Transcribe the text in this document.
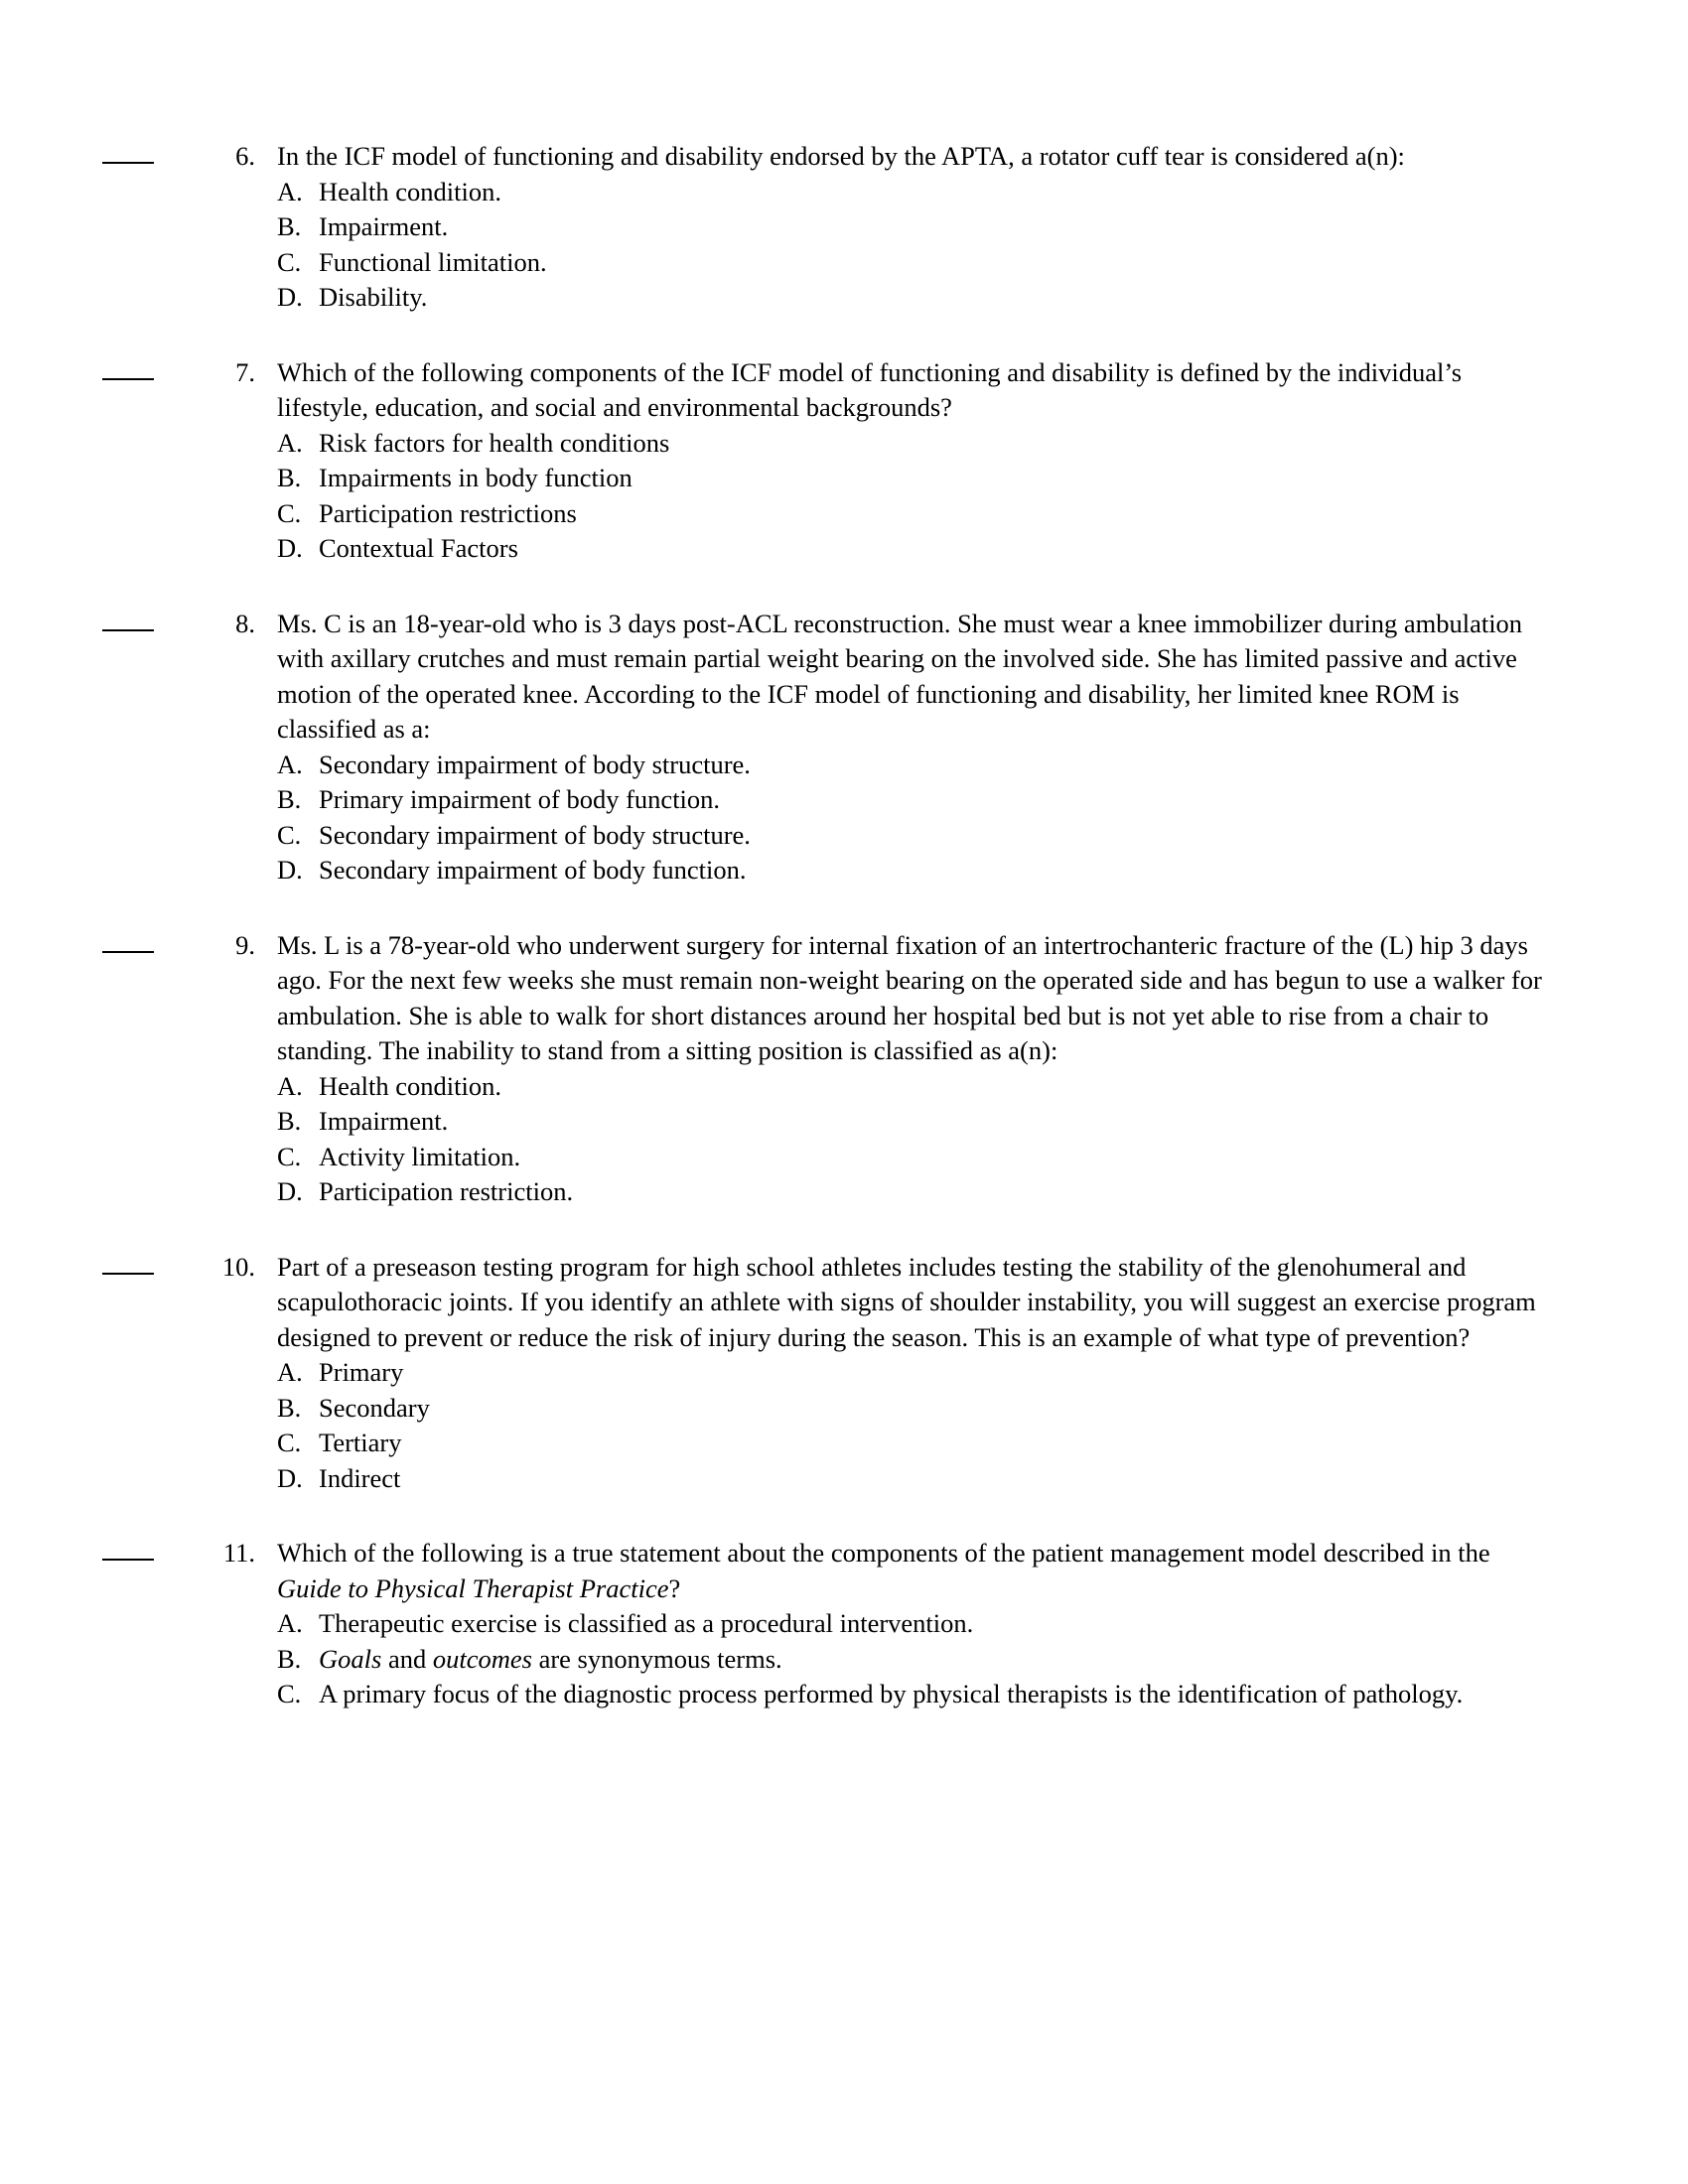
6. In the ICF model of functioning and disability endorsed by the APTA, a rotator cuff tear is considered a(n):

A. Health condition.
B. Impairment.
C. Functional limitation.
D. Disability.
7. Which of the following components of the ICF model of functioning and disability is defined by the individual’s lifestyle, education, and social and environmental backgrounds?

A. Risk factors for health conditions
B. Impairments in body function
C. Participation restrictions
D. Contextual Factors
8. Ms. C is an 18-year-old who is 3 days post-ACL reconstruction. She must wear a knee immobilizer during ambulation with axillary crutches and must remain partial weight bearing on the involved side. She has limited passive and active motion of the operated knee. According to the ICF model of functioning and disability, her limited knee ROM is classified as a:

A. Secondary impairment of body structure.
B. Primary impairment of body function.
C. Secondary impairment of body structure.
D. Secondary impairment of body function.
9. Ms. L is a 78-year-old who underwent surgery for internal fixation of an intertrochanteric fracture of the (L) hip 3 days ago. For the next few weeks she must remain non-weight bearing on the operated side and has begun to use a walker for ambulation. She is able to walk for short distances around her hospital bed but is not yet able to rise from a chair to standing. The inability to stand from a sitting position is classified as a(n):

A. Health condition.
B. Impairment.
C. Activity limitation.
D. Participation restriction.
10. Part of a preseason testing program for high school athletes includes testing the stability of the glenohumeral and scapulothoracic joints. If you identify an athlete with signs of shoulder instability, you will suggest an exercise program designed to prevent or reduce the risk of injury during the season. This is an example of what type of prevention?

A. Primary
B. Secondary
C. Tertiary
D. Indirect
11. Which of the following is a true statement about the components of the patient management model described in the Guide to Physical Therapist Practice?

A. Therapeutic exercise is classified as a procedural intervention.
B. Goals and outcomes are synonymous terms.
C. A primary focus of the diagnostic process performed by physical therapists is the identification of pathology.
